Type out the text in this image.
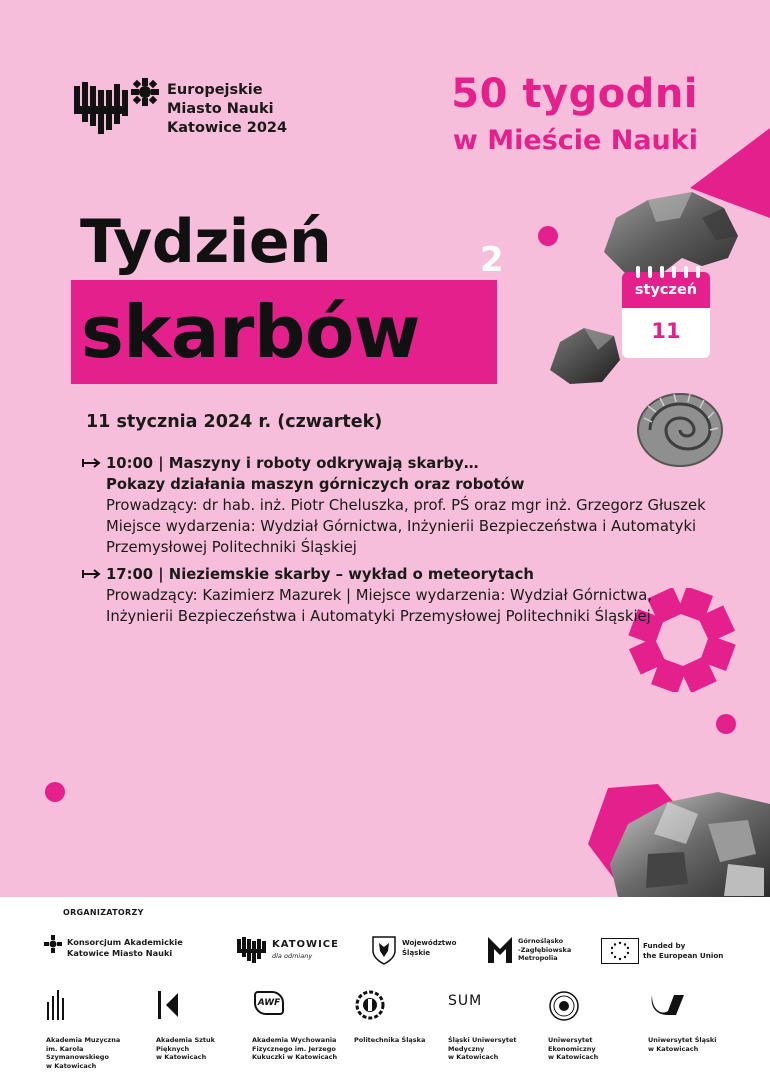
Europejskie
Miasto Nauki
Katowice 2024
50 tygodni
w Mieście Nauki
Tydzień
skarbów
2
styczeń
11
11 stycznia 2024 r. (czwartek)
10:00 | Maszyny i roboty odkrywają skarby…
Pokazy działania maszyn górniczych oraz robotów
Prowadzący: dr hab. inż. Piotr Cheluszka, prof. PŚ oraz mgr inż. Grzegorz Głuszek
Miejsce wydarzenia: Wydział Górnictwa, Inżynierii Bezpieczeństwa i Automatyki
Przemysłowej Politechniki Śląskiej
17:00 | Nieziemskie skarby – wykład o meteorytach
Prowadzący: Kazimierz Mazurek | Miejsce wydarzenia: Wydział Górnictwa,
Inżynierii Bezpieczeństwa i Automatyki Przemysłowej Politechniki Śląskiej
ORGANIZATORZY
Konsorcjum Akademickie
Katowice Miasto Nauki
KATOWICE
dla odmiany
Województwo
Śląskie
Górnośląsko
-Zagłębiowska
Metropolia
Funded by
the European Union
AWF	SUM
Akademia Muzyczna
im. Karola
Szymanowskiego
w Katowicach
Akademia Sztuk
Pięknych
w Katowicach
Akademia Wychowania
Fizycznego im. Jerzego
Kukuczki w Katowicach
Politechnika Śląska	Śląski Uniwersytet
Medyczny
w Katowicach
Uniwersytet
Ekonomiczny
w Katowicach
Uniwersytet Śląski
w Katowicach
